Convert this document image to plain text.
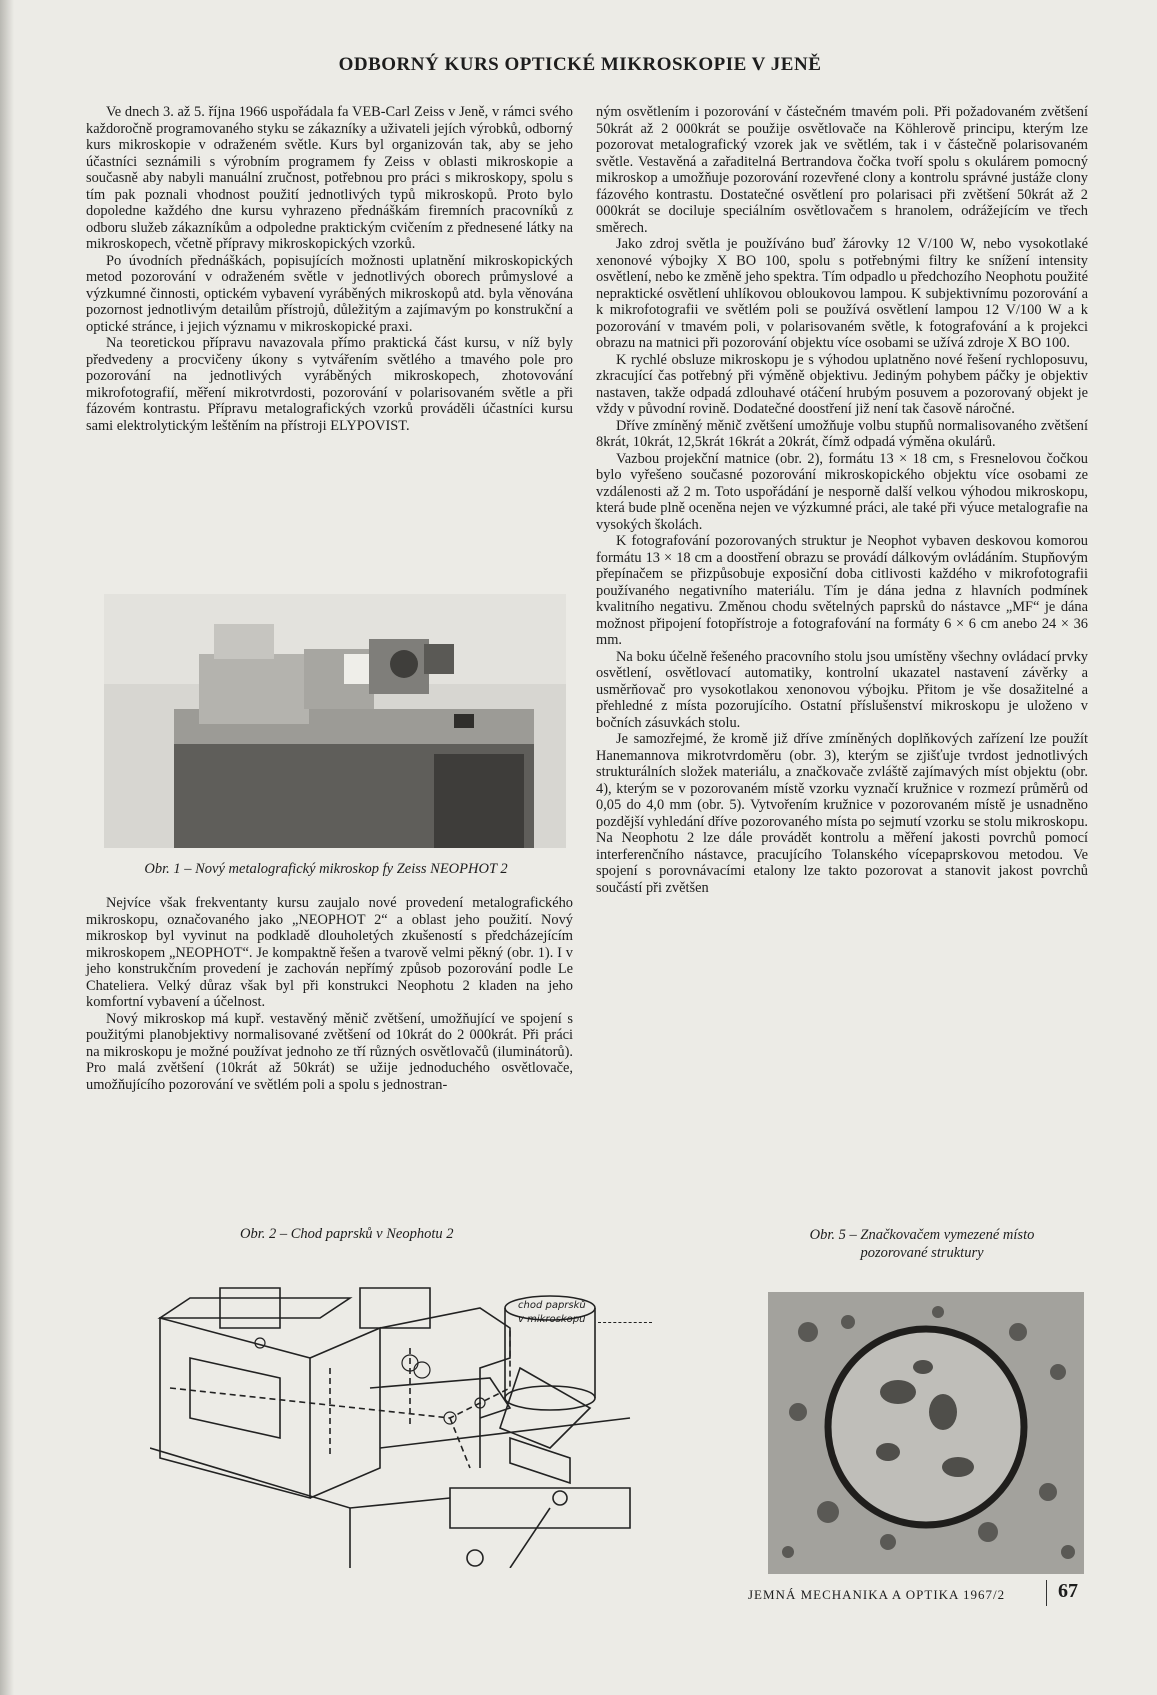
ODBORNÝ KURS OPTICKÉ MIKROSKOPIE V JENĚ

Ve dnech 3. až 5. října 1966 uspořádala fa VEB-Carl Zeiss v Jeně, v rámci svého každoročně programovaného styku se zákazníky a uživateli jejích výrobků, odborný kurs mikroskopie v odraženém světle. Kurs byl organizován tak, aby se jeho účastníci seznámili s výrobním programem fy Zeiss v oblasti mikroskopie a současně aby nabyli manuální zručnost, potřebnou pro práci s mikroskopy, spolu s tím pak poznali vhodnost použití jednotlivých typů mikroskopů. Proto bylo dopoledne každého dne kursu vyhrazeno přednáškám firemních pracovníků z odboru služeb zákazníkům a odpoledne praktickým cvičením z přednesené látky na mikroskopech, včetně přípravy mikroskopických vzorků.

Po úvodních přednáškách, popisujících možnosti uplatnění mikroskopických metod pozorování v odraženém světle v jednotlivých oborech průmyslové a výzkumné činnosti, optickém vybavení vyráběných mikroskopů atd. byla věnována pozornost jednotlivým detailům přístrojů, důležitým a zajímavým po konstrukční a optické stránce, i jejich významu v mikroskopické praxi.

Na teoretickou přípravu navazovala přímo praktická část kursu, v níž byly předvedeny a procvičeny úkony s vytvářením světlého a tmavého pole pro pozorování na jednotlivých vyráběných mikroskopech, zhotovování mikrofotografií, měření mikrotvrdosti, pozorování v polarisovaném světle a při fázovém kontrastu. Přípravu metalografických vzorků prováděli účastníci kursu sami elektrolytickým leštěním na přístroji ELYPOVIST.

Obr. 1 – Nový metalografický mikroskop fy Zeiss NEOPHOT 2

Nejvíce však frekventanty kursu zaujalo nové provedení metalografického mikroskopu, označovaného jako „NEOPHOT 2“ a oblast jeho použití. Nový mikroskop byl vyvinut na podkladě dlouholetých zkušeností s předcházejícím mikroskopem „NEOPHOT“. Je kompaktně řešen a tvarově velmi pěkný (obr. 1). I v jeho konstrukčním provedení je zachován nepřímý způsob pozorování podle Le Chateliera. Velký důraz však byl při konstrukci Neophotu 2 kladen na jeho komfortní vybavení a účelnost.

Nový mikroskop má kupř. vestavěný měnič zvětšení, umožňující ve spojení s použitými planobjektivy normalisované zvětšení od 10krát do 2 000krát. Při práci na mikroskopu je možné používat jednoho ze tří různých osvětlovačů (iluminátorů). Pro malá zvětšení (10krát až 50krát) se užije jednoduchého osvětlovače, umožňujícího pozorování ve světlém poli a spolu s jednostran-

ným osvětlením i pozorování v částečném tmavém poli. Při požadovaném zvětšení 50krát až 2 000krát se použije osvětlovače na Köhlerově principu, kterým lze pozorovat metalografický vzorek jak ve světlém, tak i v částečně polarisovaném světle. Vestavěná a zařaditelná Bertrandova čočka tvoří spolu s okulárem pomocný mikroskop a umožňuje pozorování rozevřené clony a kontrolu správné justáže clony fázového kontrastu. Dostatečné osvětlení pro polarisaci při zvětšení 50krát až 2 000krát se dociluje speciálním osvětlovačem s hranolem, odrážejícím ve třech směrech.

Jako zdroj světla je používáno buď žárovky 12 V/100 W, nebo vysokotlaké xenonové výbojky X BO 100, spolu s potřebnými filtry ke snížení intensity osvětlení, nebo ke změně jeho spektra. Tím odpadlo u předchozího Neophotu použité nepraktické osvětlení uhlíkovou obloukovou lampou. K subjektivnímu pozorování a k mikrofotografii ve světlém poli se používá osvětlení lampou 12 V/100 W a k pozorování v tmavém poli, v polarisovaném světle, k fotografování a k projekci obrazu na matnici při pozorování objektu více osobami se užívá zdroje X BO 100.

K rychlé obsluze mikroskopu je s výhodou uplatněno nové řešení rychloposuvu, zkracující čas potřebný při výměně objektivu. Jediným pohybem páčky je objektiv nastaven, takže odpadá zdlouhavé otáčení hrubým posuvem a pozorovaný objekt je vždy v původní rovině. Dodatečné doostření již není tak časově náročné.

Dříve zmíněný měnič zvětšení umožňuje volbu stupňů normalisovaného zvětšení 8krát, 10krát, 12,5krát 16krát a 20krát, čímž odpadá výměna okulárů.

Vazbou projekční matnice (obr. 2), formátu 13 × 18 cm, s Fresnelovou čočkou bylo vyřešeno současné pozorování mikroskopického objektu více osobami ze vzdálenosti až 2 m. Toto uspořádání je nesporně další velkou výhodou mikroskopu, která bude plně oceněna nejen ve výzkumné práci, ale také při výuce metalografie na vysokých školách.

K fotografování pozorovaných struktur je Neophot vybaven deskovou komorou formátu 13 × 18 cm a doostření obrazu se provádí dálkovým ovládáním. Stupňovým přepínačem se přizpůsobuje exposiční doba citlivosti každého v mikrofotografii používaného negativního materiálu. Tím je dána jedna z hlavních podmínek kvalitního negativu. Změnou chodu světelných paprsků do nástavce „MF“ je dána možnost připojení fotopřístroje a fotografování na formáty 6 × 6 cm anebo 24 × 36 mm.

Na boku účelně řešeného pracovního stolu jsou umístěny všechny ovládací prvky osvětlení, osvětlovací automatiky, kontrolní ukazatel nastavení závěrky a usměrňovač pro vysokotlakou xenonovou výbojku. Přitom je vše dosažitelné a přehledné z místa pozorujícího. Ostatní příslušenství mikroskopu je uloženo v bočních zásuvkách stolu.

Je samozřejmé, že kromě již dříve zmíněných doplňkových zařízení lze použít Hanemannova mikrotvrdoměru (obr. 3), kterým se zjišťuje tvrdost jednotlivých strukturálních složek materiálu, a značkovače zvláště zajímavých míst objektu (obr. 4), kterým se v pozorovaném místě vzorku vyznačí kružnice v rozmezí průměrů od 0,05 do 4,0 mm (obr. 5). Vytvořením kružnice v pozorovaném místě je usnadněno pozdější vyhledání dříve pozorovaného místa po sejmutí vzorku se stolu mikroskopu. Na Neophotu 2 lze dále provádět kontrolu a měření jakosti povrchů pomocí interferenčního nástavce, pracujícího Tolanského vícepaprskovou metodou. Ve spojení s porovnávacími etalony lze takto pozorovat a stanovit jakost povrchů součástí při zvětšen

Obr. 2 – Chod paprsků v Neophotu 2
chod paprsků
v mikroskopu
Obr. 5 – Značkovačem vymezené místo
pozorované struktury
JEMNÁ MECHANIKA A OPTIKA 1967/2	67
